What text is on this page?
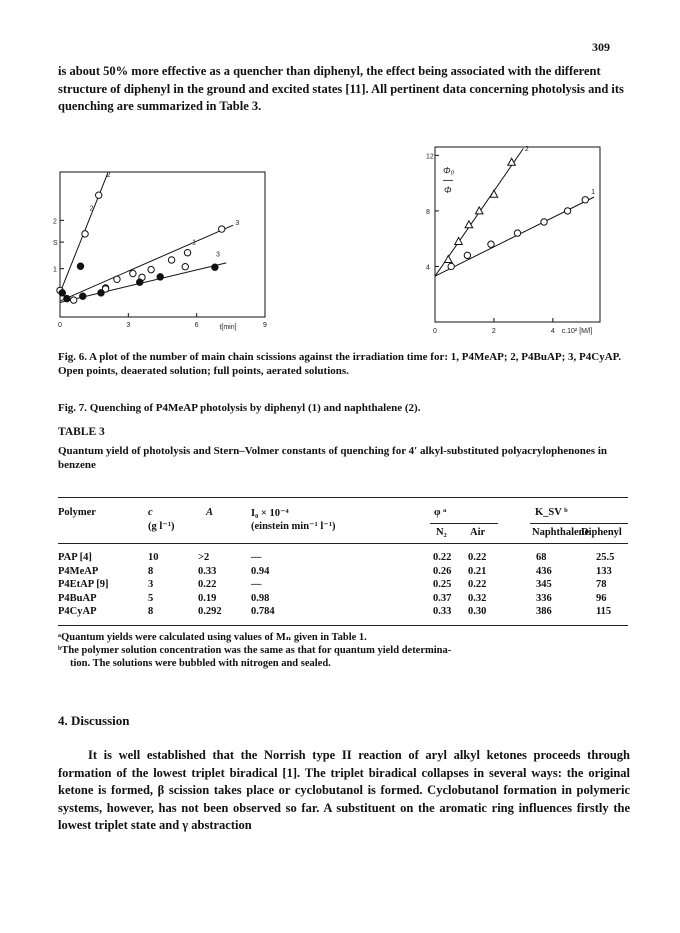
309

is about 50% more effective as a quencher than diphenyl, the effect being associated with the different structure of diphenyl in the ground and excited states [11]. All pertinent data concerning photolysis and its quenching are summarized in Table 3.

0	3	6	9
t[min]
2
S
1
2
2
3
1
3
0	2	4 c.10² [M/l]
12
8
4
Φ₀
Φ
2
1

Fig. 6. A plot of the number of main chain scissions against the irradiation time for: 1, P4MeAP; 2, P4BuAP; 3, P4CyAP. Open points, deaerated solution; full points, aerated solutions.

Fig. 7. Quenching of P4MeAP photolysis by diphenyl (1) and naphthalene (2).

TABLE 3
Quantum yield of photolysis and Stern–Volmer constants of quenching for 4′ alkyl-substituted polyacrylophenones in benzene
Polymer	c
(g l⁻¹)
A	I₀ × 10⁻⁴
(einstein min⁻¹ l⁻¹)
φ ᵃ
N₂ Air
K_SV ᵇ
Naphthalene
Diphenyl
PAP [4]	10	>2	—	0.22 0.22	68	25.5
P4MeAP	8	0.33	0.94	0.26 0.21	436	133
P4EtAP [9]	3	0.22	—	0.25 0.22	345	78
P4BuAP	5	0.19	0.98	0.37 0.32	336	96
P4CyAP	8	0.292	0.784	0.33 0.30	386	115

ᵃQuantum yields were calculated using values of Mₙ given in Table 1.

ᵇThe polymer solution concentration was the same as that for quantum yield determina-

tion. The solutions were bubbled with nitrogen and sealed.

4. Discussion

It is well established that the Norrish type II reaction of aryl alkyl ketones proceeds through formation of the lowest triplet biradical [1]. The triplet biradical collapses in several ways: the original ketone is formed, β scission takes place or cyclobutanol is formed. Cyclobutanol formation in polymeric systems, however, has not been observed so far. A substituent on the aromatic ring influences firstly the lowest triplet state and γ abstraction
